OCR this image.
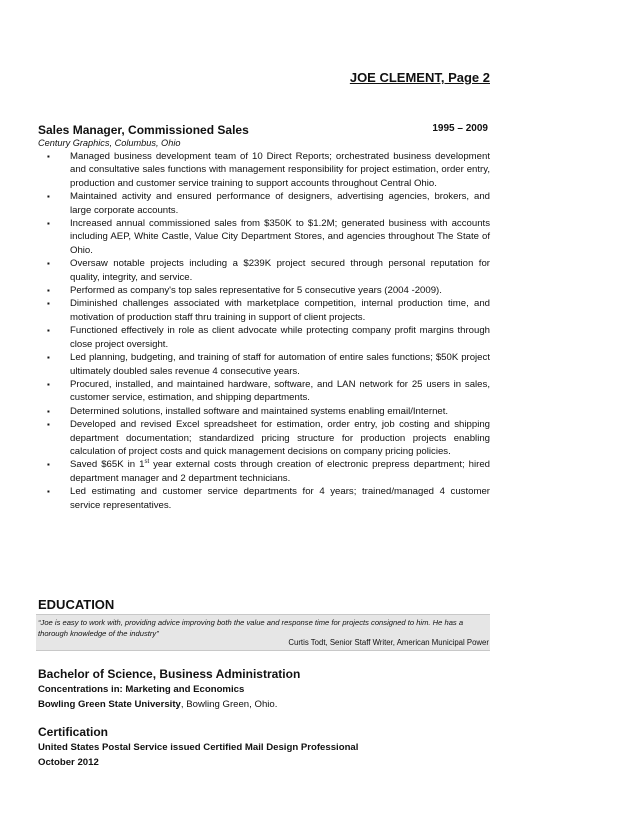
JOE CLEMENT, Page 2
Sales Manager, Commissioned Sales	1995 – 2009
Century Graphics, Columbus, Ohio
▪ Managed business development team of 10 Direct Reports; orchestrated business development and consultative sales functions with management responsibility for project estimation, order entry, production and customer service training to support accounts throughout Central Ohio.
▪ Maintained activity and ensured performance of designers, advertising agencies, brokers, and large corporate accounts.
▪ Increased annual commissioned sales from $350K to $1.2M; generated business with accounts including AEP, White Castle, Value City Department Stores, and agencies throughout The State of Ohio.
▪ Oversaw notable projects including a $239K project secured through personal reputation for quality, integrity, and service.
▪ Performed as company's top sales representative for 5 consecutive years (2004 -2009).
▪ Diminished challenges associated with marketplace competition, internal production time, and motivation of production staff thru training in support of client projects.
▪ Functioned effectively in role as client advocate while protecting company profit margins through close project oversight.
▪ Led planning, budgeting, and training of staff for automation of entire sales functions; $50K project ultimately doubled sales revenue 4 consecutive years.
▪ Procured, installed, and maintained hardware, software, and LAN network for 25 users in sales, customer service, estimation, and shipping departments.
▪ Determined solutions, installed software and maintained systems enabling email/Internet.
▪ Developed and revised Excel spreadsheet for estimation, order entry, job costing and shipping department documentation; standardized pricing structure for production projects enabling calculation of project costs and quick management decisions on company pricing policies.
▪ Saved $65K in 1st year external costs through creation of electronic prepress department; hired department manager and 2 department technicians.
▪ Led estimating and customer service departments for 4 years; trained/managed 4 customer service representatives.
EDUCATION
“Joe is easy to work with, providing advice improving both the value and response time for projects consigned to him. He has a thorough knowledge of the industry”
Curtis Todt, Senior Staff Writer, American Municipal Power
Bachelor of Science, Business Administration
Concentrations in: Marketing and Economics
Bowling Green State University, Bowling Green, Ohio.
Certification
United States Postal Service issued Certified Mail Design Professional
October 2012
